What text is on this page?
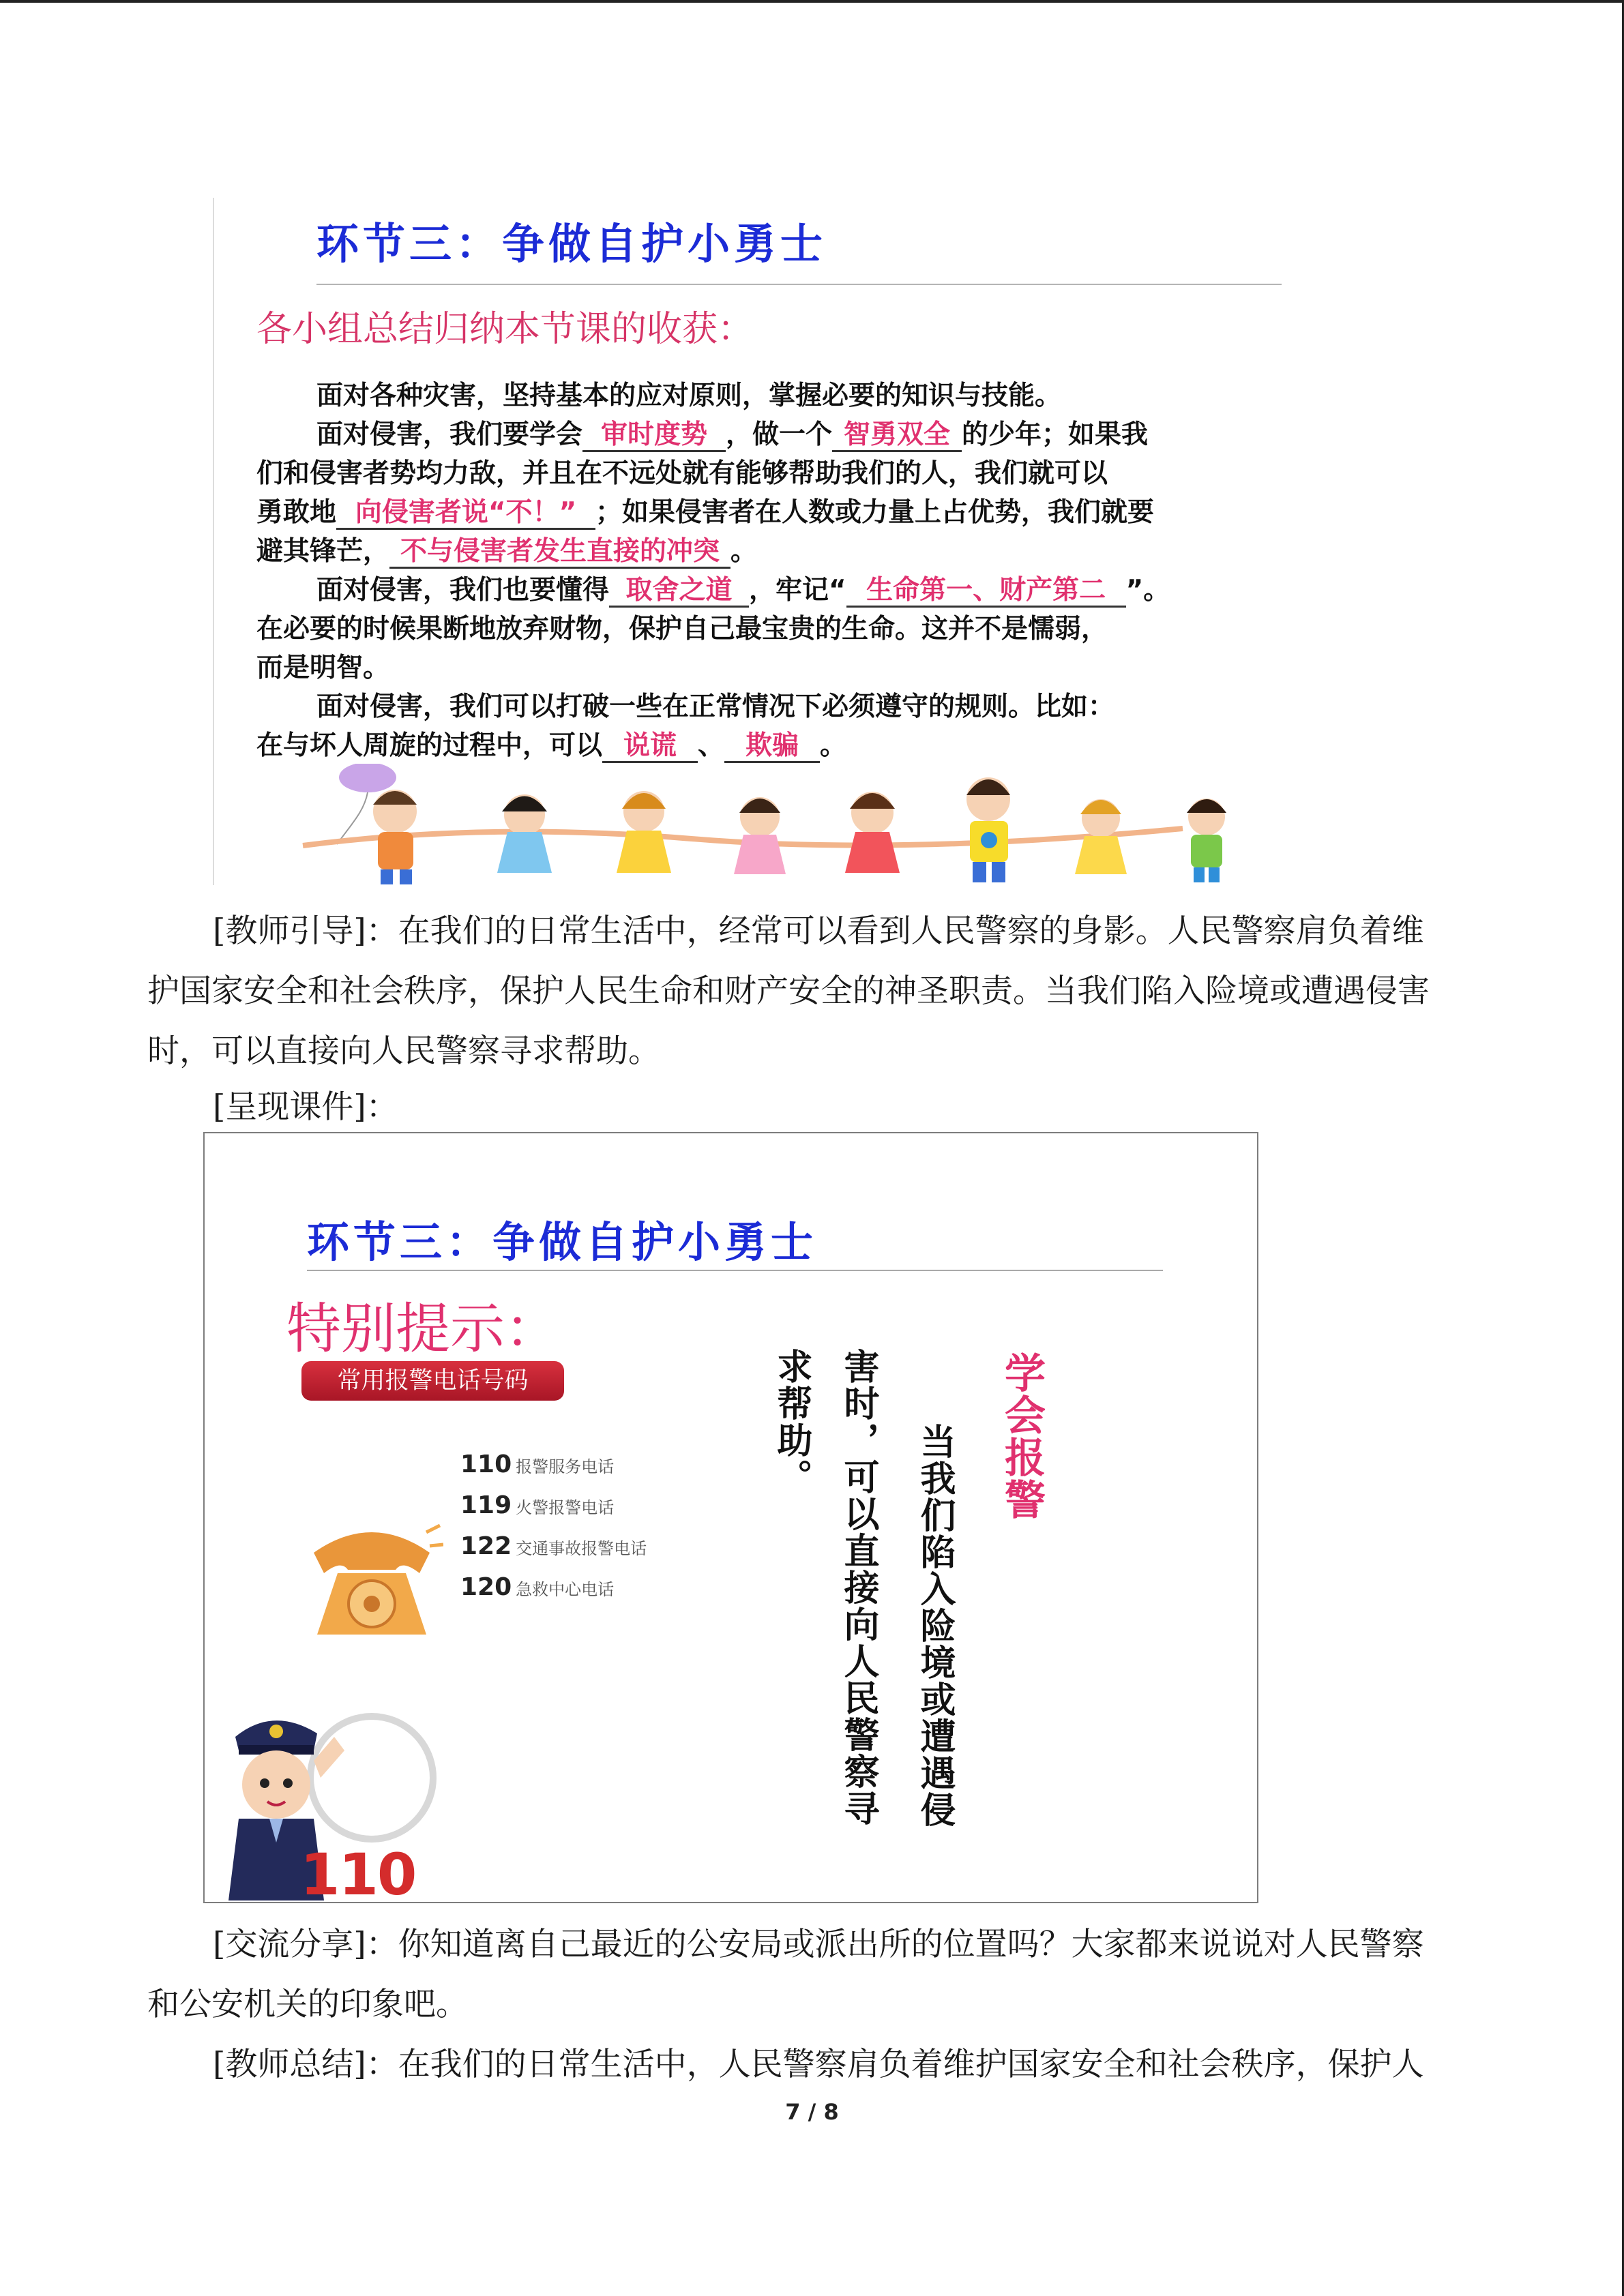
环节三：争做自护小勇士
各小组总结归纳本节课的收获：

面对各种灾害，坚持基本的应对原则，掌握必要的知识与技能。

面对侵害，我们要学会 审时度势 ，做一个 智勇双全 的少年；如果我

们和侵害者势均力敌，并且在不远处就有能够帮助我们的人，我们就可以

勇敢地 向侵害者说“不！” ；如果侵害者在人数或力量上占优势，我们就要

避其锋芒， 不与侵害者发生直接的冲突 。

面对侵害，我们也要懂得 取舍之道 ，牢记“ 生命第一、财产第二 ”。

在必要的时候果断地放弃财物，保护自己最宝贵的生命。这并不是懦弱，

而是明智。

面对侵害，我们可以打破一些在正常情况下必须遵守的规则。比如：

在与坏人周旋的过程中，可以 说谎 、 欺骗 。

[教师引导]：在我们的日常生活中，经常可以看到人民警察的身影。人民警察肩负着维

护国家安全和社会秩序，保护人民生命和财产安全的神圣职责。当我们陷入险境或遭遇侵害

时，可以直接向人民警察寻求帮助。

[呈现课件]：

环节三：争做自护小勇士
特别提示：
常用报警电话号码
110 报警服务电话
119 火警报警电话
122 交通事故报警电话
120 急救中心电话
学会报警
当我们陷入险境或遭遇侵
害时，可以直接向人民警察寻
求帮助。
110

[交流分享]：你知道离自己最近的公安局或派出所的位置吗？大家都来说说对人民警察

和公安机关的印象吧。

[教师总结]：在我们的日常生活中，人民警察肩负着维护国家安全和社会秩序，保护人

7 / 8
